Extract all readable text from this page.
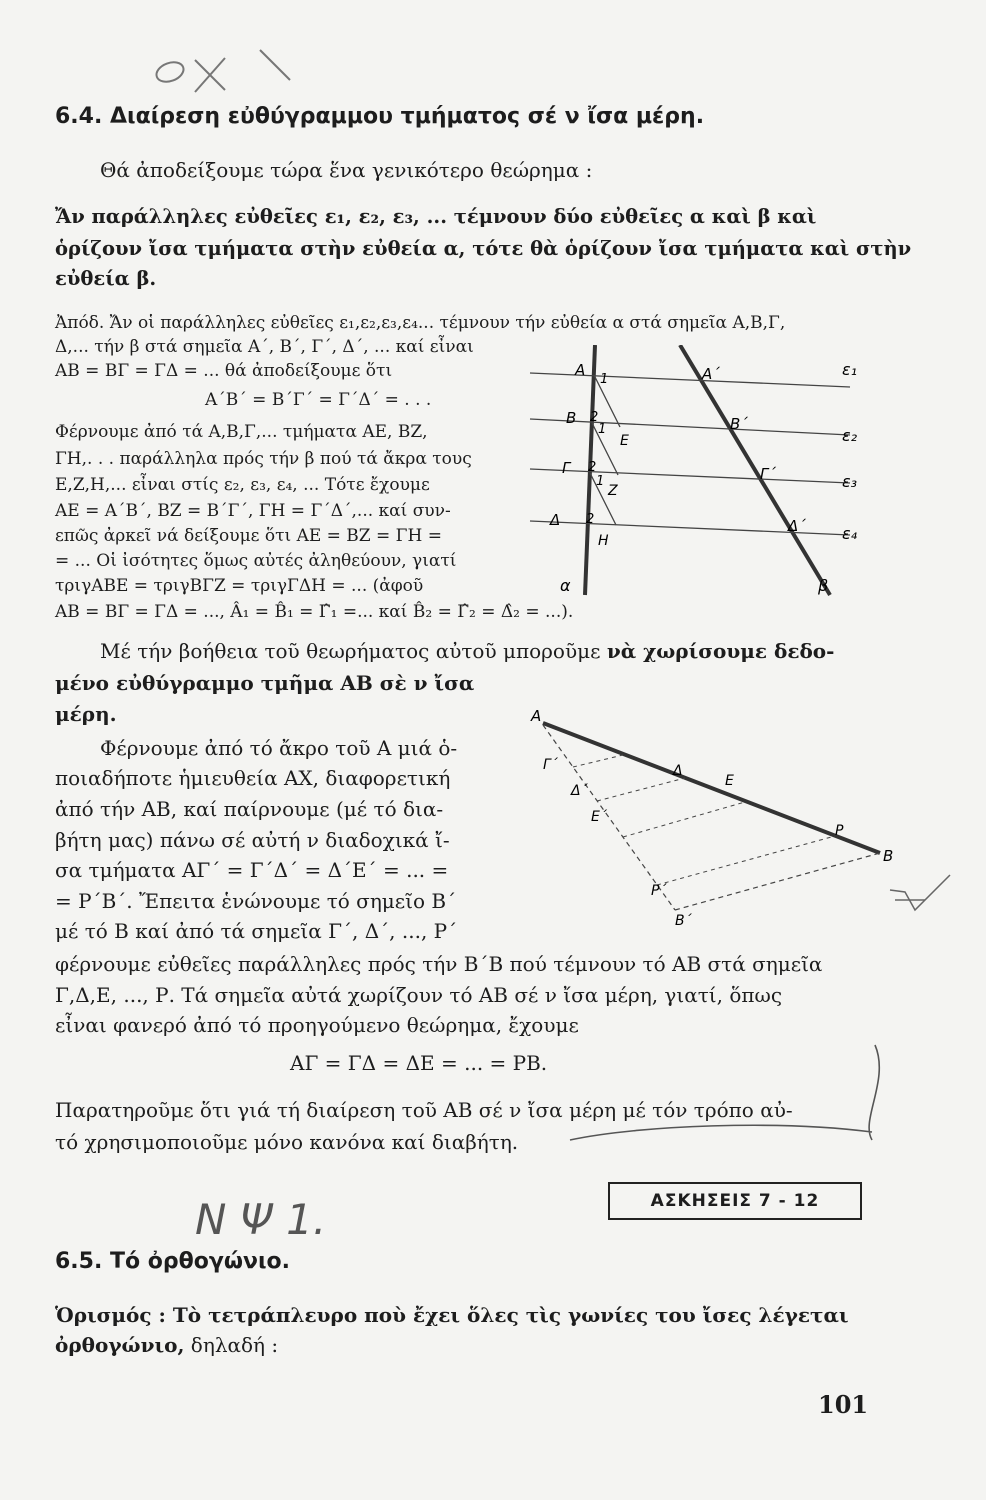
6.4. Διαίρεση εὐθύγραμμου τμήματος σέ ν ἴσα μέρη.
Θά ἀποδείξουμε τώρα ἕνα γενικότερο θεώρημα :
Ἄν παράλληλες εὐθεῖες ε₁, ε₂, ε₃, ... τέμνουν δύο εὐθεῖες α καὶ β καὶ
ὁρίζουν ἴσα τμήματα στὴν εὐθεία α, τότε θὰ ὁρίζουν ἴσα τμήματα καὶ στὴν
εὐθεία β.
Ἀπόδ. Ἄν οἱ παράλληλες εὐθεῖες ε₁,ε₂,ε₃,ε₄... τέμνουν τήν εὐθεία α στά σημεῖα Α,Β,Γ,
Δ,... τήν β στά σημεῖα Α΄, Β΄, Γ΄, Δ΄, ... καί εἶναι
ΑΒ = ΒΓ = ΓΔ = ... θά ἀποδείξουμε ὅτι
Α΄Β΄ = Β΄Γ΄ = Γ΄Δ΄ = . . .
Φέρνουμε ἀπό τά Α,Β,Γ,... τμήματα ΑΕ, ΒΖ,
ΓΗ,. . . παράλληλα πρός τήν β πού τά ἄκρα τους
Ε,Ζ,Η,... εἶναι στίς ε₂, ε₃, ε₄, ... Τότε ἔχουμε
ΑΕ = Α΄Β΄, ΒΖ = Β΄Γ΄, ΓΗ = Γ΄Δ΄,... καί συν-
επῶς ἀρκεῖ νά δείξουμε ὅτι ΑΕ = ΒΖ = ΓΗ =
= ... Οἱ ἰσότητες ὅμως αὐτές ἀληθεύουν, γιατί
τριγΑΒΕ = τριγΒΓΖ = τριγΓΔΗ = ... (ἀφοῦ
ΑΒ = ΒΓ = ΓΔ = ..., Â₁ = B̂₁ = Γ̂₁ =... καί B̂₂ = Γ̂₂ = Δ̂₂ = ...).
Α
Β
Γ
Δ
1
2
1
2
1
2
Ε
Ζ
Η
Α΄
Β΄
Γ΄
Δ΄
ε₁
ε₂
ε₃
ε₄
α	β
Μέ τήν βοήθεια τοῦ θεωρήματος αὐτοῦ μποροῦμε νὰ χωρίσουμε δεδο-
μένο εὐθύγραμμο τμῆμα ΑΒ σὲ ν ἴσα
μέρη.
Φέρνουμε ἀπό τό ἄκρο τοῦ Α μιά ὁ-
ποιαδήποτε ἡμιευθεία ΑΧ, διαφορετική
ἀπό τήν ΑΒ, καί παίρνουμε (μέ τό δια-
βήτη μας) πάνω σέ αὐτή ν διαδοχικά ἴ-
σα τμήματα ΑΓ΄ = Γ΄Δ΄ = Δ΄Ε΄ = ... =
= Ρ΄Β΄. Ἔπειτα ἑνώνουμε τό σημεῖο Β΄
μέ τό Β καί ἀπό τά σημεῖα Γ΄, Δ΄, ..., Ρ΄
φέρνουμε εὐθεῖες παράλληλες πρός τήν Β΄Β πού τέμνουν τό ΑΒ στά σημεῖα
Γ,Δ,Ε, ..., Ρ. Τά σημεῖα αὐτά χωρίζουν τό ΑΒ σέ ν ἴσα μέρη, γιατί, ὅπως
εἶναι φανερό ἀπό τό προηγούμενο θεώρημα, ἔχουμε
Α
Β
Γ΄	Δ
Δ΄
Ε
Ε΄
Ρ
Ρ΄
Β΄
ΑΓ = ΓΔ = ΔΕ = ... = ΡΒ.
Παρατηροῦμε ὅτι γιά τή διαίρεση τοῦ ΑΒ σέ ν ἴσα μέρη μέ τόν τρόπο αὐ-
τό χρησιμοποιοῦμε μόνο κανόνα καί διαβήτη.
ΑΣΚΗΣΕΙΣ 7 - 12
Ν Ψ 1.
6.5. Τό ὀρθογώνιο.
Ὁρισμός : Τὸ τετράπλευρο ποὺ ἔχει ὅλες τὶς γωνίες του ἴσες λέγεται
ὀρθογώνιο, δηλαδή :
101
